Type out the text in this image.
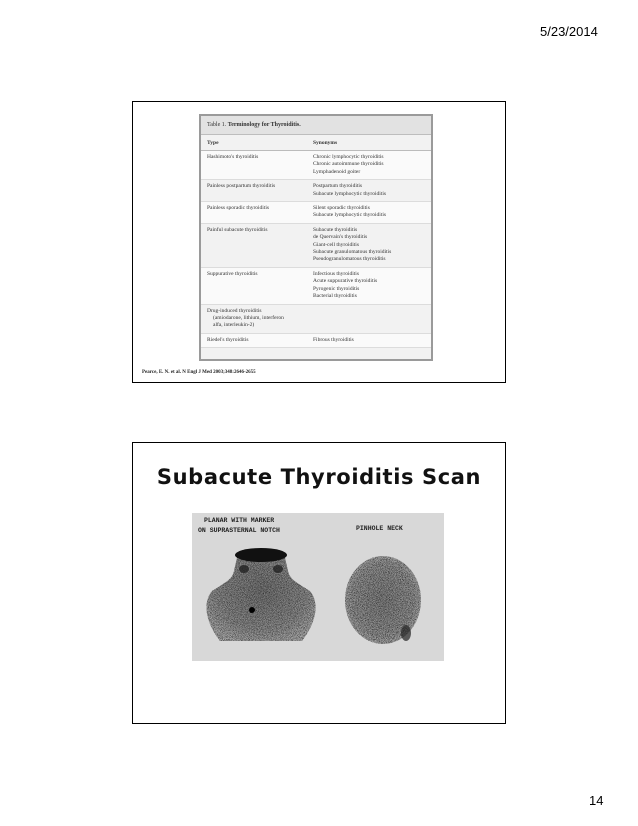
5/23/2014
Table 1. Terminology for Thyroiditis.
Type	Synonyms
Hashimoto's thyroiditis	Chronic lymphocytic thyroiditis
Chronic autoimmune thyroiditis
Lymphadenoid goiter
Painless postpartum thyroiditis	Postpartum thyroiditis
Subacute lymphocytic thyroiditis
Painless sporadic thyroiditis	Silent sporadic thyroiditis
Subacute lymphocytic thyroiditis
Painful subacute thyroiditis	Subacute thyroiditis
de Quervain's thyroiditis
Giant-cell thyroiditis
Subacute granulomatous thyroiditis
Pseudogranulomatous thyroiditis
Suppurative thyroiditis	Infectious thyroiditis
Acute suppurative thyroiditis
Pyrogenic thyroiditis
Bacterial thyroiditis
Drug-induced thyroiditis
(amiodarone, lithium, interferon
alfa, interleukin-2)
Riedel's thyroiditis	Fibrous thyroiditis
Pearce, E. N. et al. N Engl J Med 2003;348:2646-2655
Subacute Thyroiditis Scan
PLANAR WITH MARKER
ON SUPRASTERNAL NOTCH	PINHOLE NECK
14
